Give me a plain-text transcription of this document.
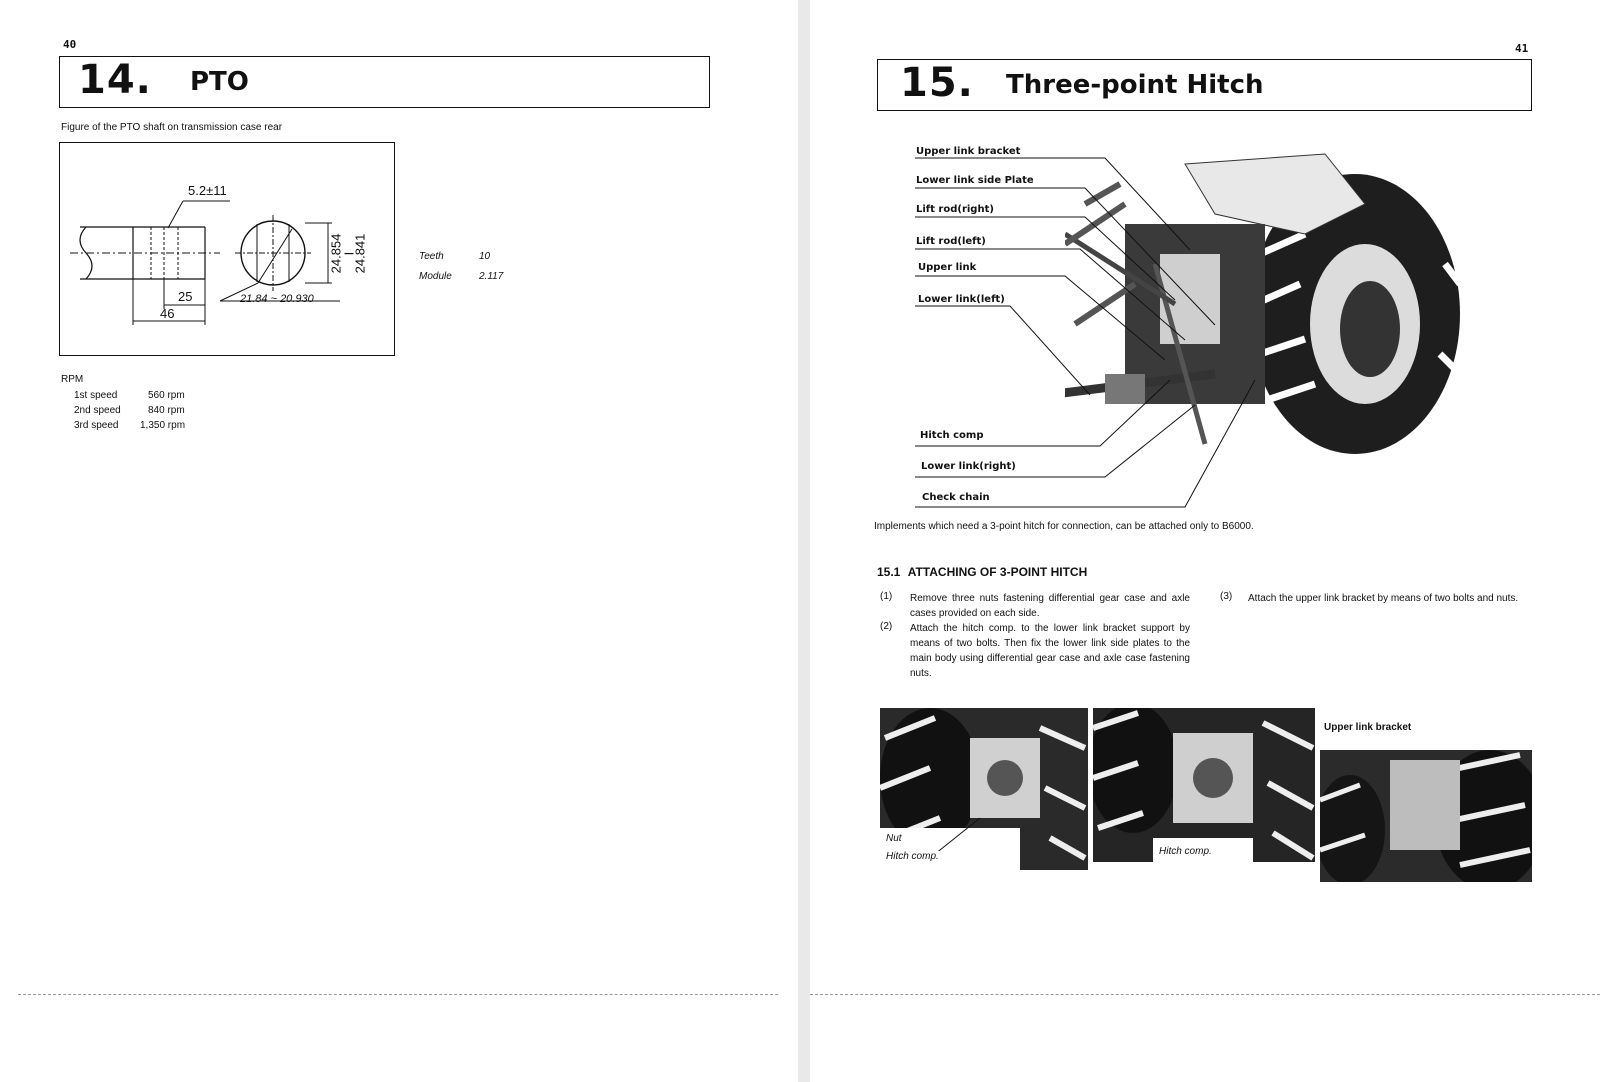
40
14. PTO
Figure of the PTO shaft on transmission case rear
5.2±11
25
46
21.84 ~ 20.930
24.854
I
24.841	Teeth	10
Module	2.117
RPM
1st speed	560 rpm
2nd speed	840 rpm
3rd speed 1,350 rpm
41
15. Three-point Hitch
Upper link bracket
Lower link side Plate
Lift rod(right)
Lift rod(left)
Upper link
Lower link(left)
Hitch comp
Lower link(right)
Check chain
Implements which need a 3-point hitch for connection, can be attached only to B6000.
15.1 ATTACHING OF 3-POINT HITCH
(1) Remove three nuts fastening differential gear case and axle cases provided on each side.
(2) Attach the hitch comp. to the lower link bracket support by means of two bolts. Then fix the lower link side plates to the main body using differential gear case and axle case fastening nuts.
(3) Attach the upper link bracket by means of two bolts and nuts.
Nut
Hitch comp.	Hitch comp.
Upper link bracket
